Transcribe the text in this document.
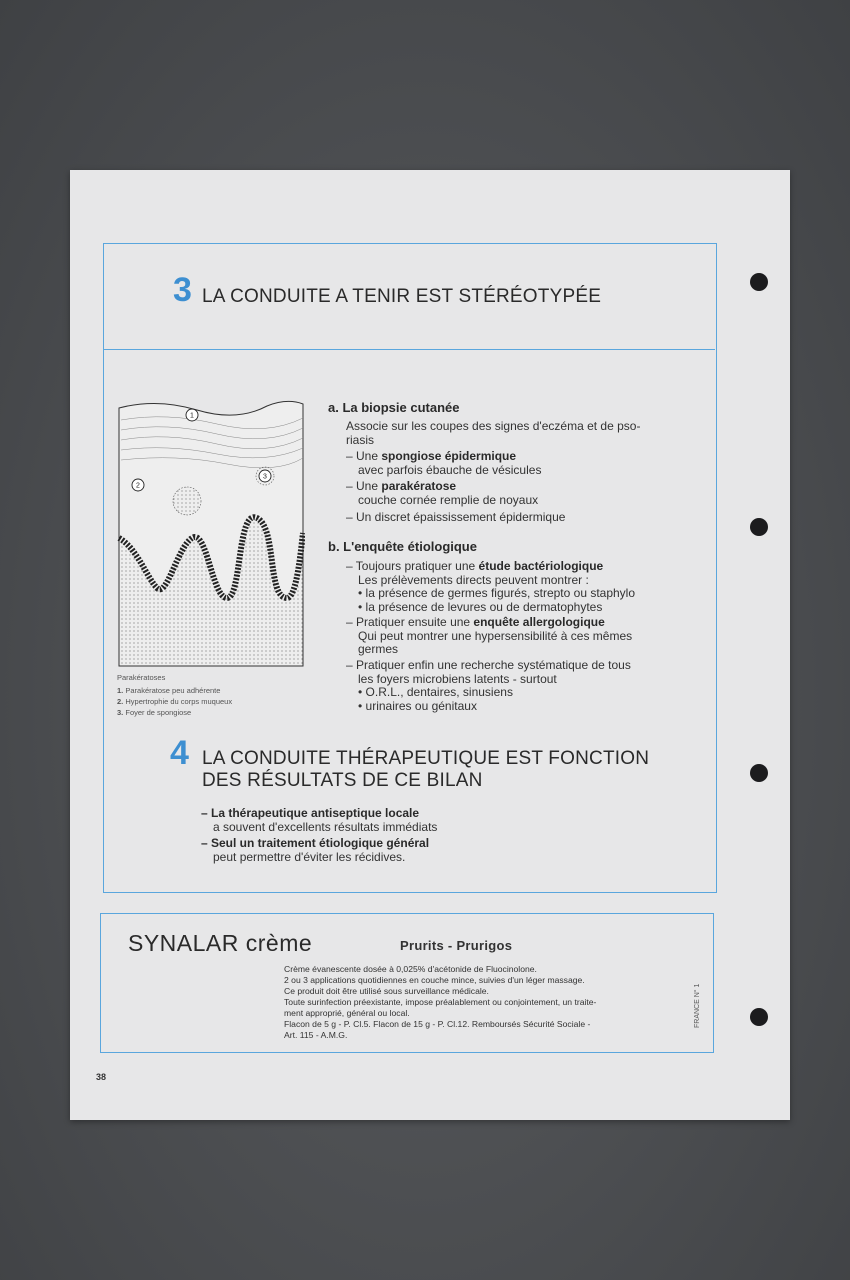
3 LA CONDUITE A TENIR EST STÉRÉOTYPÉE
1
2
3
Parakératoses
1. Parakératose peu adhérente
2. Hypertrophie du corps muqueux
3. Foyer de spongiose
a. La biopsie cutanée
Associe sur les coupes des signes d'eczéma et de pso-
riasis
– Une spongiose épidermique
avec parfois ébauche de vésicules
– Une parakératose
couche cornée remplie de noyaux
– Un discret épaississement épidermique
b. L'enquête étiologique
– Toujours pratiquer une étude bactériologique
Les prélèvements directs peuvent montrer :
• la présence de germes figurés, strepto ou staphylo
• la présence de levures ou de dermatophytes
– Pratiquer ensuite une enquête allergologique
Qui peut montrer une hypersensibilité à ces mêmes
germes
– Pratiquer enfin une recherche systématique de tous
les foyers microbiens latents - surtout
• O.R.L., dentaires, sinusiens
• urinaires ou génitaux
4 LA CONDUITE THÉRAPEUTIQUE EST FONCTION
DES RÉSULTATS DE CE BILAN
– La thérapeutique antiseptique locale
a souvent d'excellents résultats immédiats
– Seul un traitement étiologique général
peut permettre d'éviter les récidives.
SYNALAR crème	Prurits - Prurigos
Crème évanescente dosée à 0,025% d'acétonide de Fluocinolone.
2 ou 3 applications quotidiennes en couche mince, suivies d'un léger massage.
Ce produit doit être utilisé sous surveillance médicale.
Toute surinfection préexistante, impose préalablement ou conjointement, un traite-
ment approprié, général ou local.
Flacon de 5 g - P. Cl.5. Flacon de 15 g - P. Cl.12. Remboursés Sécurité Sociale -
Art. 115 - A.M.G.
FRANCE N° 1
38
